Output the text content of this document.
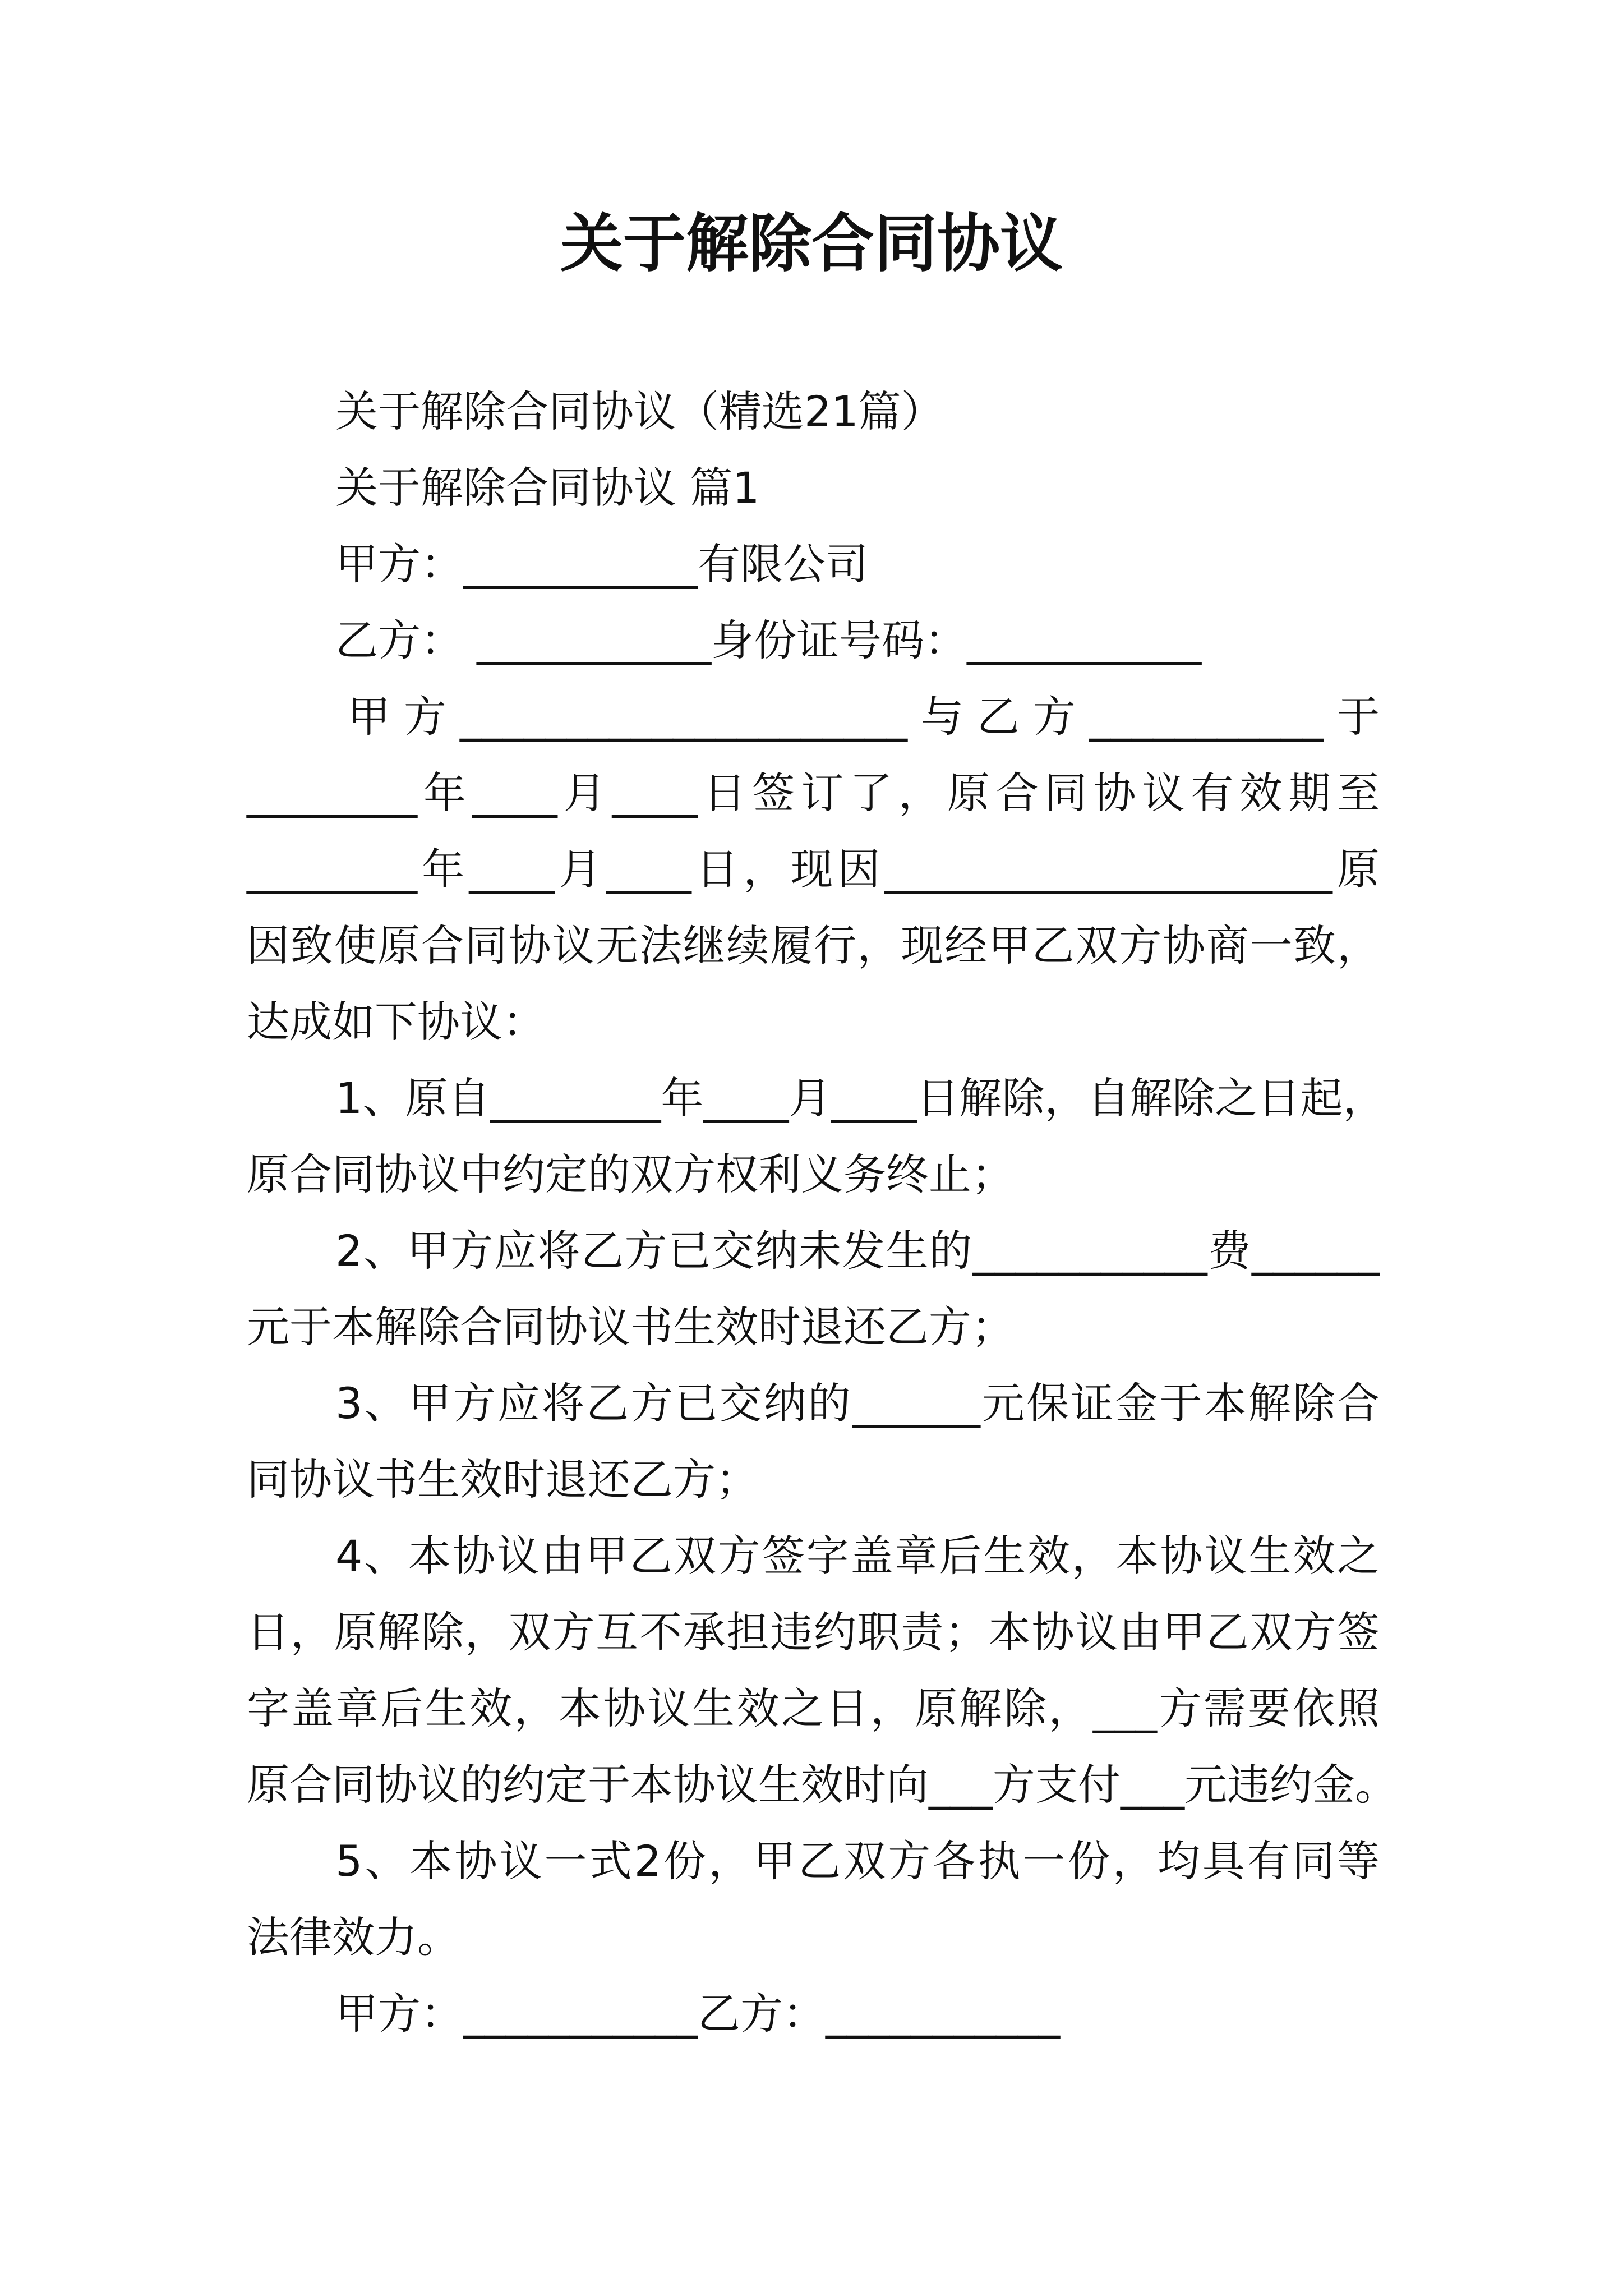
关于解除合同协议
关于解除合同协议（精选21篇）
关于解除合同协议 篇1
甲方：___________有限公司
乙方： ___________身份证号码：___________
甲方_____________________与乙方___________于
________年____月____日签订了，原合同协议有效期至
________年____月____日，现因_____________________原
因致使原合同协议无法继续履行，现经甲乙双方协商一致，
达成如下协议：
1、原自________年____月____日解除，自解除之日起，
原合同协议中约定的双方权利义务终止；
2、甲方应将乙方已交纳未发生的___________费______
元于本解除合同协议书生效时退还乙方；
3、甲方应将乙方已交纳的______元保证金于本解除合
同协议书生效时退还乙方；
4、本协议由甲乙双方签字盖章后生效，本协议生效之
日，原解除，双方互不承担违约职责；本协议由甲乙双方签
字盖章后生效，本协议生效之日，原解除，___方需要依照
原合同协议的约定于本协议生效时向___方支付___元违约金。
5、本协议一式2份，甲乙双方各执一份，均具有同等
法律效力。
甲方：___________乙方：___________
